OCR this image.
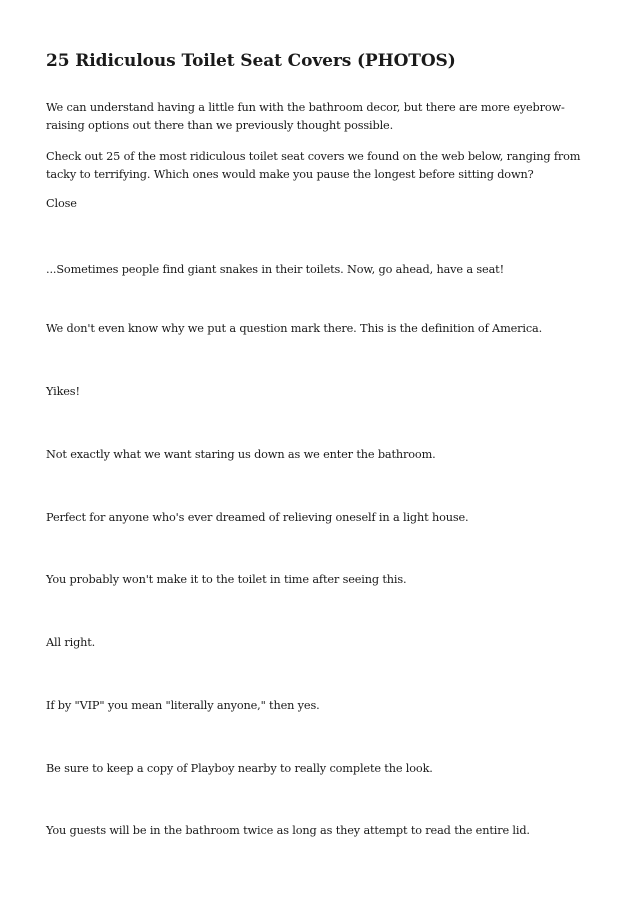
25 Ridiculous Toilet Seat Covers (PHOTOS)

We can understand having a little fun with the bathroom decor, but there are more eyebrow-raising options out there than we previously thought possible.

Check out 25 of the most ridiculous toilet seat covers we found on the web below, ranging from tacky to terrifying. Which ones would make you pause the longest before sitting down?

Close

...Sometimes people find giant snakes in their toilets. Now, go ahead, have a seat!

We don't even know why we put a question mark there. This is the definition of America.

Yikes!

Not exactly what we want staring us down as we enter the bathroom.

Perfect for anyone who's ever dreamed of relieving oneself in a light house.

You probably won't make it to the toilet in time after seeing this.

All right.

If by "VIP" you mean "literally anyone," then yes.

Be sure to keep a copy of Playboy nearby to really complete the look.

You guests will be in the bathroom twice as long as they attempt to read the entire lid.
